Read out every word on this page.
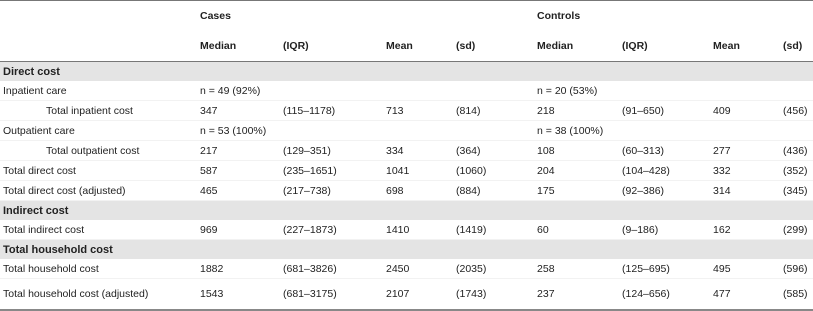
	Cases				Controls			
	Median	(IQR)	Mean	(sd)	Median	(IQR)	Mean	(sd)
Direct cost								
Inpatient care	n = 49 (92%)				n = 20 (53%)			
Total inpatient cost	347	(115–1178)	713	(814)	218	(91–650)	409	(456)
Outpatient care	n = 53 (100%)				n = 38 (100%)			
Total outpatient cost	217	(129–351)	334	(364)	108	(60–313)	277	(436)
Total direct cost	587	(235–1651)	1041	(1060)	204	(104–428)	332	(352)
Total direct cost (adjusted)	465	(217–738)	698	(884)	175	(92–386)	314	(345)
Indirect cost								
Total indirect cost	969	(227–1873)	1410	(1419)	60	(9–186)	162	(299)
Total household cost								
Total household cost	1882	(681–3826)	2450	(2035)	258	(125–695)	495	(596)
Total household cost (adjusted)	1543	(681–3175)	2107	(1743)	237	(124–656)	477	(585)
